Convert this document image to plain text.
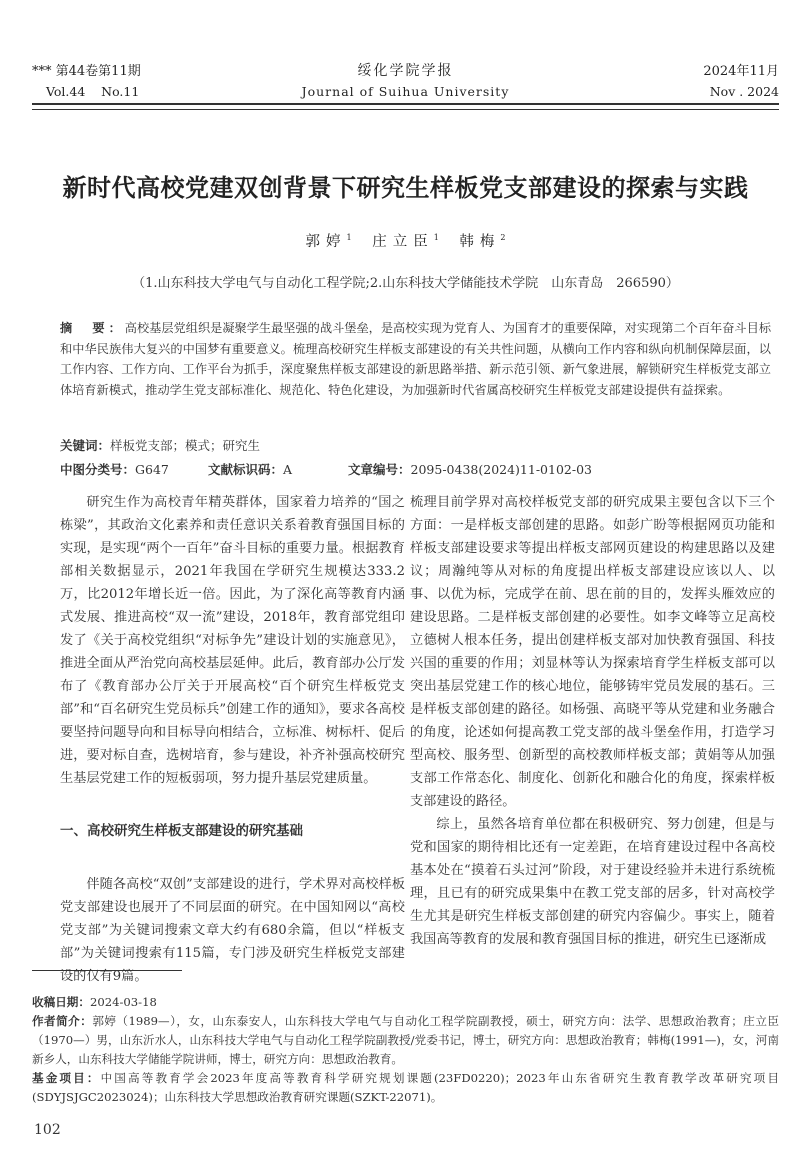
*** 第44卷第11期	2024年11月
绥化学院学报
Vol.44    No.11	Nov . 2024
Journal of Suihua University
新时代高校党建双创背景下研究生样板党支部建设的探索与实践
郭婷$^1$ 庄立臣$^1$ 韩梅$^2$
（1.山东科技大学电气与自动化工程学院;2.山东科技大学储能技术学院　山东青岛　266590）
摘　要：高校基层党组织是凝聚学生最坚强的战斗堡垒，是高校实现为党育人、为国育才的重要保障，对实现第二个百年奋斗目标和中华民族伟大复兴的中国梦有重要意义。梳理高校研究生样板支部建设的有关共性问题，从横向工作内容和纵向机制保障层面，以工作内容、工作方向、工作平台为抓手，深度聚焦样板支部建设的新思路举措、新示范引领、新气象进展，解锁研究生样板党支部立体培育新模式，推动学生党支部标准化、规范化、特色化建设，为加强新时代省属高校研究生样板党支部建设提供有益探索。
关键词：样板党支部；模式；研究生
中图分类号：G647	文献标识码：A	文章编号：2095-0438(2024)11-0102-03

研究生作为高校青年精英群体，国家着力培养的“国之栋梁”，其政治文化素养和责任意识关系着教育强国目标的实现，是实现“两个一百年”奋斗目标的重要力量。根据教育部相关数据显示，2021年我国在学研究生规模达333.2万，比2012年增长近一倍。因此，为了深化高等教育内涵式发展、推进高校“双一流”建设，2018年，教育部党组印发了《关于高校党组织“对标争先”建设计划的实施意见》，推进全面从严治党向高校基层延伸。此后，教育部办公厅发布了《教育部办公厅关于开展高校“百个研究生样板党支部”和“百名研究生党员标兵”创建工作的通知》，要求各高校要坚持问题导向和目标导向相结合，立标准、树标杆、促后进，要对标自查，选树培育，参与建设，补齐补强高校研究生基层党建工作的短板弱项，努力提升基层党建质量。

一、高校研究生样板支部建设的研究基础

伴随各高校“双创”支部建设的进行，学术界对高校样板党支部建设也展开了不同层面的研究。在中国知网以“高校党支部”为关键词搜索文章大约有680余篇，但以“样板支部”为关键词搜索有115篇，专门涉及研究生样板党支部建设的仅有9篇。

梳理目前学界对高校样板党支部的研究成果主要包含以下三个方面：一是样板支部创建的思路。如彭广盼等根据网页功能和样板支部建设要求等提出样板支部网页建设的构建思路以及建议；周瀚纯等从对标的角度提出样板支部建设应该以人、以事、以优为标，完成学在前、思在前的目的，发挥头雁效应的建设思路。二是样板支部创建的必要性。如李文峰等立足高校立德树人根本任务，提出创建样板支部对加快教育强国、科技兴国的重要的作用；刘显林等认为探索培育学生样板支部可以突出基层党建工作的核心地位，能够铸牢党员发展的基石。三是样板支部创建的路径。如杨强、高晓平等从党建和业务融合的角度，论述如何提高教工党支部的战斗堡垒作用，打造学习型高校、服务型、创新型的高校教师样板支部；黄娟等从加强支部工作常态化、制度化、创新化和融合化的角度，探索样板支部建设的路径。

综上，虽然各培育单位都在积极研究、努力创建，但是与党和国家的期待相比还有一定差距，在培育建设过程中各高校基本处在“摸着石头过河”阶段，对于建设经验并未进行系统梳理，且已有的研究成果集中在教工党支部的居多，针对高校学生尤其是研究生样板支部创建的研究内容偏少。事实上，随着我国高等教育的发展和教育强国目标的推进，研究生已逐渐成

收稿日期：2024-03-18

作者简介：郭婷（1989—），女，山东泰安人，山东科技大学电气与自动化工程学院副教授，硕士，研究方向：法学、思想政治教育；庄立臣（1970—）男，山东沂水人，山东科技大学电气与自动化工程学院副教授/党委书记，博士，研究方向：思想政治教育；韩梅(1991—)，女，河南新乡人，山东科技大学储能学院讲师，博士，研究方向：思想政治教育。

基金项目：中国高等教育学会2023年度高等教育科学研究规划课题(23FD0220)；2023年山东省研究生教育教学改革研究项目(SDYJSJGC2023024)；山东科技大学思想政治教育研究课题(SZKT-22071)。

102
